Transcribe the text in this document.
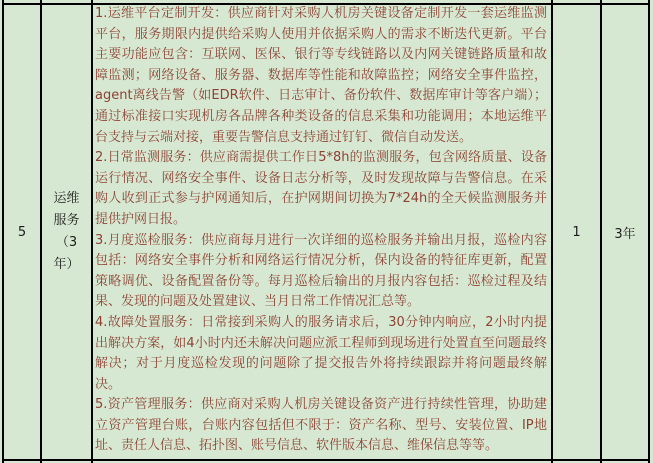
5
运维服务（3年）
1.运维平台定制开发：供应商针对采购人机房关键设备定制开发一套运维监测平台，服务期限内提供给采购人使用并依据采购人的需求不断迭代更新。平台主要功能应包含：互联网、医保、银行等专线链路以及内网关键链路质量和故障监测；网络设备、服务器、数据库等性能和故障监控；网络安全事件监控，agent离线告警（如EDR软件、日志审计、备份软件、数据库审计等客户端）；通过标准接口实现机房各品牌各种类设备的信息采集和功能调用；本地运维平台支持与云端对接，重要告警信息支持通过钉钉、微信自动发送。
2.日常监测服务：供应商需提供工作日5*8h的监测服务，包含网络质量、设备运行情况、网络安全事件、设备日志分析等，及时发现故障与告警信息。在采购人收到正式参与护网通知后，在护网期间切换为7*24h的全天候监测服务并提供护网日报。
3.月度巡检服务：供应商每月进行一次详细的巡检服务并输出月报，巡检内容包括：网络安全事件分析和网络运行情况分析，保内设备的特征库更新，配置策略调优、设备配置备份等。每月巡检后输出的月报内容包括：巡检过程及结果、发现的问题及处置建议、当月日常工作情况汇总等。
4.故障处置服务：日常接到采购人的服务请求后，30分钟内响应，2小时内提出解决方案，如4小时内还未解决问题应派工程师到现场进行处置直至问题最终解决；对于月度巡检发现的问题除了提交报告外将持续跟踪并将问题最终解决。
5.资产管理服务：供应商对采购人机房关键设备资产进行持续性管理，协助建立资产管理台账，台账内容包括但不限于：资产名称、型号、安装位置、IP地址、责任人信息、拓扑图、账号信息、软件版本信息、维保信息等等。
1	3年
